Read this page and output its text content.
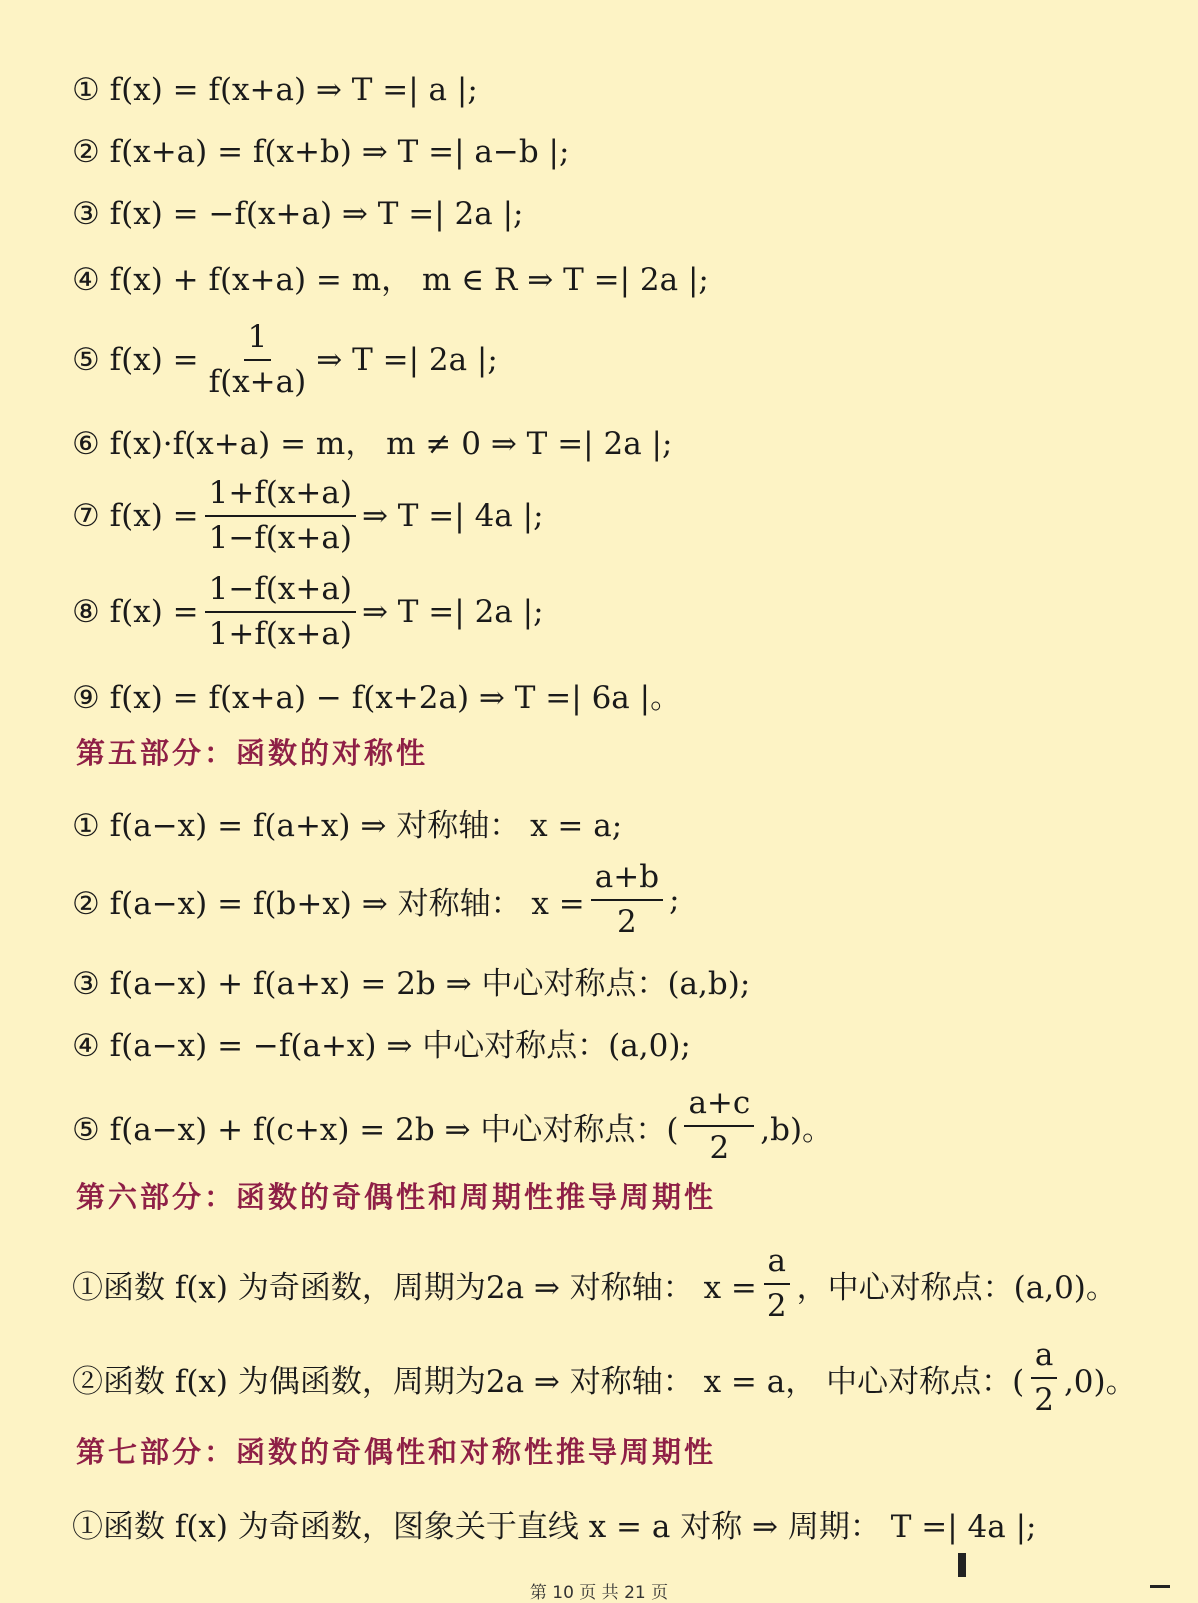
① f(x) = f(x+a) ⇒ T =| a |;
② f(x+a) = f(x+b) ⇒ T =| a−b |;
③ f(x) = −f(x+a) ⇒ T =| 2a |;
④ f(x) + f(x+a) = m， m ∈ R ⇒ T =| 2a |;
⑤ $f(x) = \frac{1}{f(x+a)}$ ⇒ T =| 2a |;
⑥ f(x)·f(x+a) = m， m ≠ 0 ⇒ T =| 2a |;
⑦ $f(x) = \frac{1+f(x+a)}{1-f(x+a)}$ ⇒ T =| 4a |;
⑧ $f(x) = \frac{1-f(x+a)}{1+f(x+a)}$ ⇒ T =| 2a |;
⑨ f(x) = f(x+a) − f(x+2a) ⇒ T =| 6a |。
第五部分：函数的对称性
① f(a−x) = f(a+x) ⇒ 对称轴： x = a;
② f(a−x) = f(b+x) ⇒ 对称轴： $x = \frac{a+b}{2}$ ;
③ f(a−x) + f(a+x) = 2b ⇒ 中心对称点：(a,b);
④ f(a−x) = −f(a+x) ⇒ 中心对称点：(a,0);
⑤ f(a−x) + f(c+x) = 2b ⇒ 中心对称点：( $\frac{a+c}{2} ,b$)。
第六部分：函数的奇偶性和周期性推导周期性
①函数 f(x) 为奇函数，周期为2a ⇒ 对称轴： $x = \frac{a}{2}$ ，中心对称点：(a,0)。
②函数 f(x) 为偶函数，周期为2a ⇒ 对称轴： x = a， 中心对称点：( $\frac{a}{2} ,0$)。
第七部分：函数的奇偶性和对称性推导周期性
①函数 f(x) 为奇函数，图象关于直线 x = a 对称 ⇒ 周期： T =| 4a |;
第 10 页 共 21 页
